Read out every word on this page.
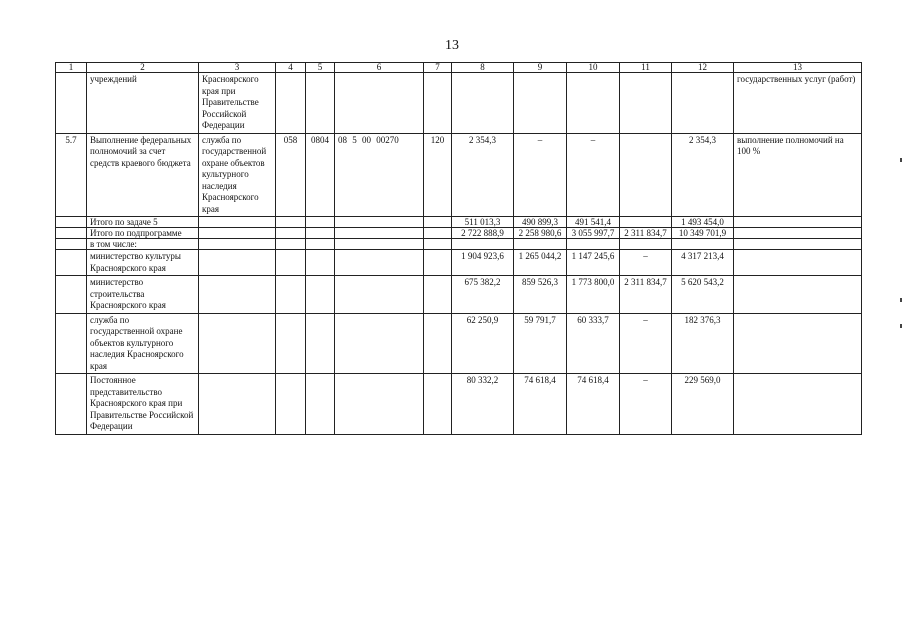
13
1	2	3	4	5	6	7	8	9	10	11	12	13
	учреждений	Красноярского края при Правительстве Российской Федерации										государственных услуг (работ)
5.7	Выполнение федеральных полномочий за счет средств краевого бюджета	служба по государственной охране объектов культурного наследия Красноярского края	058	0804	08 5 00 00270	120	2 354,3	–	–		2 354,3	выполнение полномочий на 100 %
	Итого по задаче 5						511 013,3	490 899,3	491 541,4		1 493 454,0	
	Итого по подпрограмме						2 722 888,9	2 258 980,6	3 055 997,7	2 311 834,7	10 349 701,9	
	в том числе:											
	министерство культуры Красноярского края						1 904 923,6	1 265 044,2	1 147 245,6	–	4 317 213,4	
	министерство строительства Красноярского края						675 382,2	859 526,3	1 773 800,0	2 311 834,7	5 620 543,2	
	служба по государственной охране объектов культурного наследия Красноярского края						62 250,9	59 791,7	60 333,7	–	182 376,3	
	Постоянное представительство Красноярского края при Правительстве Российской Федерации						80 332,2	74 618,4	74 618,4	–	229 569,0	
